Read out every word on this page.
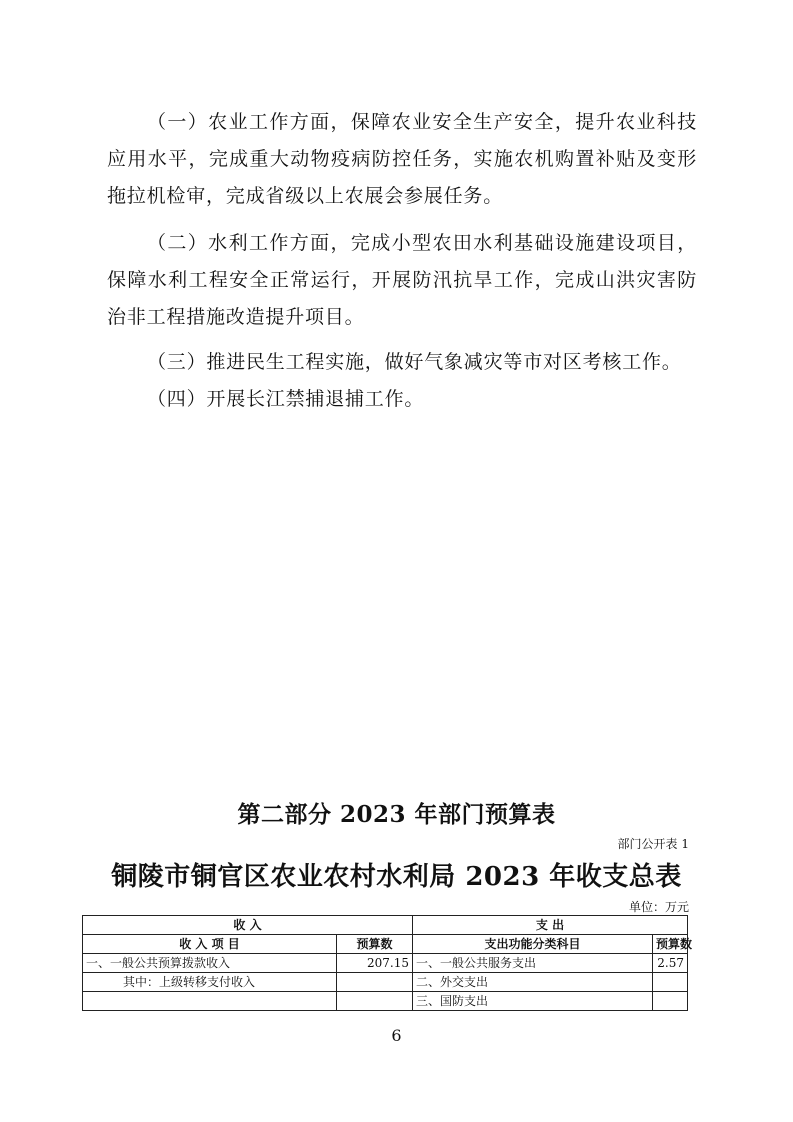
（一）农业工作方面，保障农业安全生产安全，提升农业科技应用水平，完成重大动物疫病防控任务，实施农机购置补贴及变形拖拉机检审，完成省级以上农展会参展任务。

（二）水利工作方面，完成小型农田水利基础设施建设项目，保障水利工程安全正常运行，开展防汛抗旱工作，完成山洪灾害防治非工程措施改造提升项目。

（三）推进民生工程实施，做好气象减灾等市对区考核工作。

（四）开展长江禁捕退捕工作。

第二部分 2023 年部门预算表
部门公开表 1
铜陵市铜官区农业农村水利局 2023 年收支总表
单位：万元
收 入		支 出	
收 入 项 目	预算数	支出功能分类科目	预算数
一、一般公共预算拨款收入	207.15	一、一般公共服务支出	2.57
其中：上级转移支付收入		二、外交支出	
		三、国防支出	
6
